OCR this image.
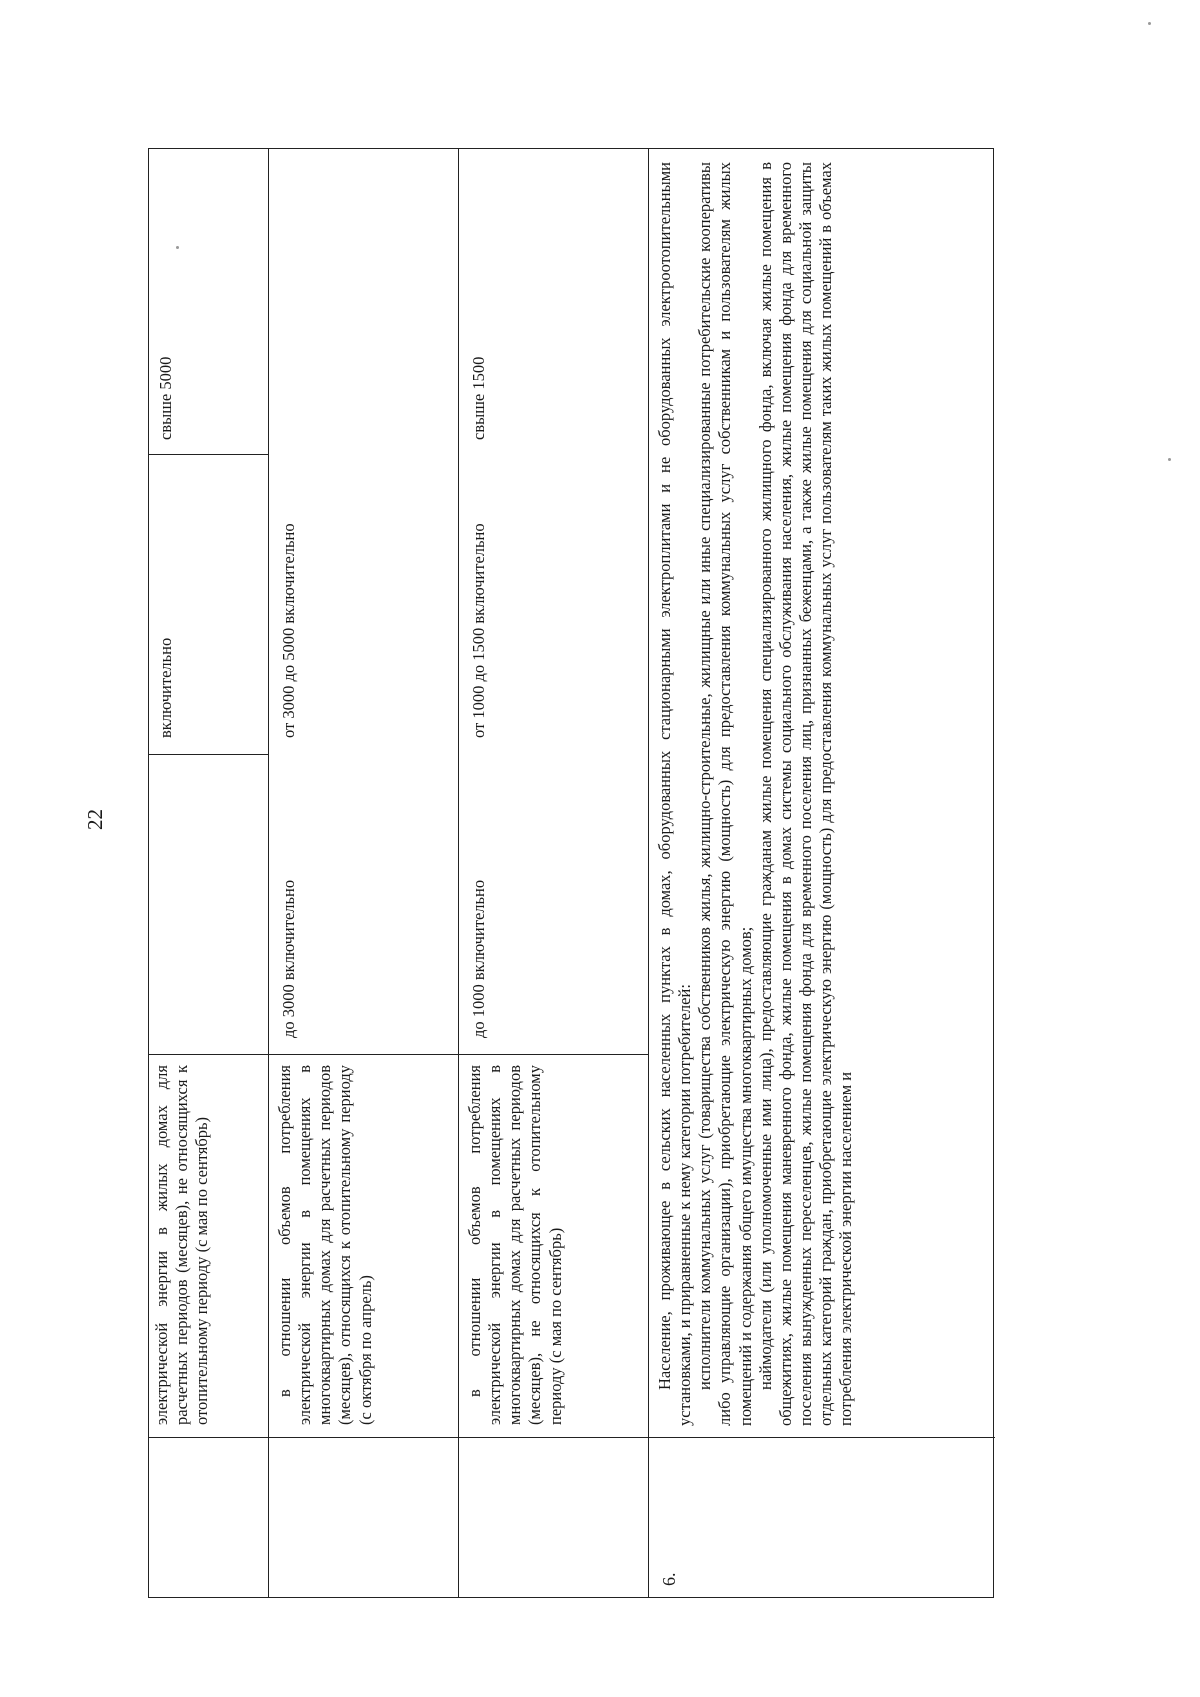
22
электрической энергии в жилых домах для расчетных периодов (месяцев), не относящихся к отопительному периоду (с мая по сентябрь)
включительно
свыше 5000
в отношении объемов потребления электрической энергии в помещениях в многоквартирных домах для расчетных периодов (месяцев), относящихся к отопительному периоду (с октября по апрель)
до 3000 включительно
от 3000 до 5000 включительно
в отношении объемов потребления электрической энергии в помещениях в многоквартирных домах для расчетных периодов (месяцев), не относящихся к отопительному периоду (с мая по сентябрь)
до 1000 включительно
от 1000 до 1500 включительно
свыше 1500
6.

Население, проживающее в сельских населенных пунктах в домах, оборудованных стационарными электроплитами и не оборудованных электроотопительными установками, и приравненные к нему категории потребителей: исполнители коммунальных услуг (товарищества собственников жилья, жилищно-строительные, жилищные или иные специализированные потребительские кооперативы либо управляющие организации), приобретающие электрическую энергию (мощность) для предоставления коммунальных услуг собственникам и пользователям жилых помещений и содержания общего имущества многоквартирных домов; наймодатели (или уполномоченные ими лица), предоставляющие гражданам жилые помещения специализированного жилищного фонда, включая жилые помещения в общежитиях, жилые помещения маневренного фонда, жилые помещения в домах системы социального обслуживания населения, жилые помещения фонда для временного поселения вынужденных переселенцев, жилые помещения фонда для временного поселения лиц, признанных беженцами, а также жилые помещения для социальной защиты отдельных категорий граждан, приобретающие электрическую энергию (мощность) для предоставления коммунальных услуг пользователям таких жилых помещений в объемах потребления электрической энергии населением и
